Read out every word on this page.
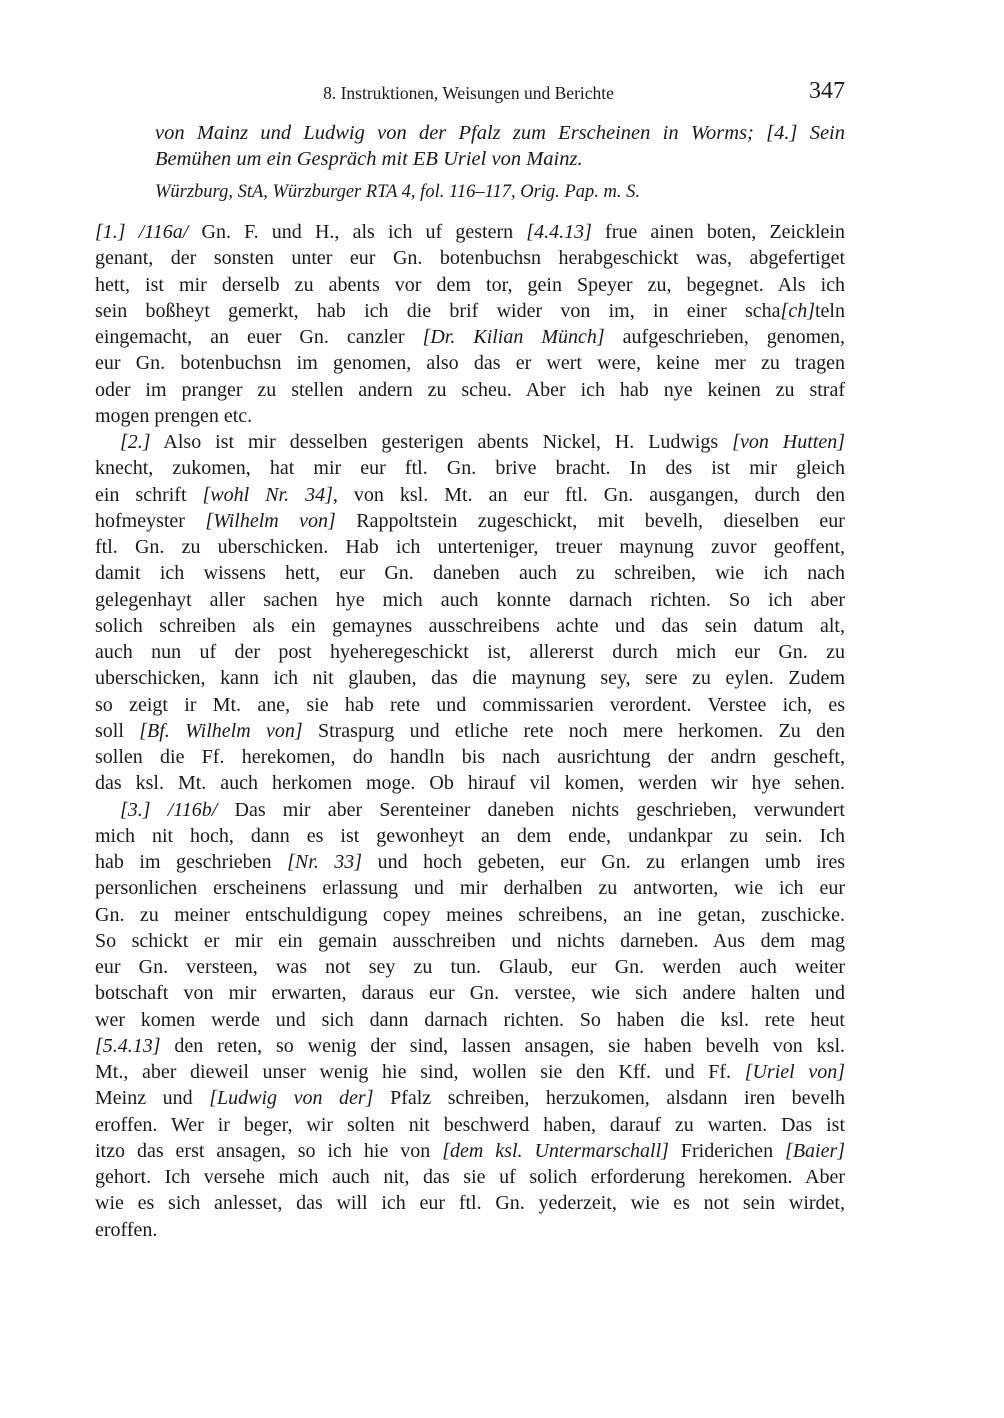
8. Instruktionen, Weisungen und Berichte	347
von Mainz und Ludwig von der Pfalz zum Erscheinen in Worms; [4.] Sein
Bemühen um ein Gespräch mit EB Uriel von Mainz.
Würzburg, StA, Würzburger RTA 4, fol. 116–117, Orig. Pap. m. S.
[1.] /116a/ Gn. F. und H., als ich uf gestern [4.4.13] frue ainen boten, Zeicklein
genant, der sonsten unter eur Gn. botenbuchsn herabgeschickt was, abgefertiget
hett, ist mir derselb zu abents vor dem tor, gein Speyer zu, begegnet. Als ich
sein boßheyt gemerkt, hab ich die brif wider von im, in einer scha[ch]teln
eingemacht, an euer Gn. canzler [Dr. Kilian Münch] aufgeschrieben, genomen,
eur Gn. botenbuchsn im genomen, also das er wert were, keine mer zu tragen
oder im pranger zu stellen andern zu scheu. Aber ich hab nye keinen zu straf
mogen prengen etc.
[2.] Also ist mir desselben gesterigen abents Nickel, H. Ludwigs [von Hutten]
knecht, zukomen, hat mir eur ftl. Gn. brive bracht. In des ist mir gleich
ein schrift [wohl Nr. 34], von ksl. Mt. an eur ftl. Gn. ausgangen, durch den
hofmeyster [Wilhelm von] Rappoltstein zugeschickt, mit bevelh, dieselben eur
ftl. Gn. zu uberschicken. Hab ich unterteniger, treuer maynung zuvor geoffent,
damit ich wissens hett, eur Gn. daneben auch zu schreiben, wie ich nach
gelegenhayt aller sachen hye mich auch konnte darnach richten. So ich aber
solich schreiben als ein gemaynes ausschreibens achte und das sein datum alt,
auch nun uf der post hyeheregeschickt ist, allererst durch mich eur Gn. zu
uberschicken, kann ich nit glauben, das die maynung sey, sere zu eylen. Zudem
so zeigt ir Mt. ane, sie hab rete und commissarien verordent. Verstee ich, es
soll [Bf. Wilhelm von] Straspurg und etliche rete noch mere herkomen. Zu den
sollen die Ff. herekomen, do handln bis nach ausrichtung der andrn gescheft,
das ksl. Mt. auch herkomen moge. Ob hirauf vil komen, werden wir hye sehen.
[3.] /116b/ Das mir aber Serenteiner daneben nichts geschrieben, verwundert
mich nit hoch, dann es ist gewonheyt an dem ende, undankpar zu sein. Ich
hab im geschrieben [Nr. 33] und hoch gebeten, eur Gn. zu erlangen umb ires
personlichen erscheinens erlassung und mir derhalben zu antworten, wie ich eur
Gn. zu meiner entschuldigung copey meines schreibens, an ine getan, zuschicke.
So schickt er mir ein gemain ausschreiben und nichts darneben. Aus dem mag
eur Gn. versteen, was not sey zu tun. Glaub, eur Gn. werden auch weiter
botschaft von mir erwarten, daraus eur Gn. verstee, wie sich andere halten und
wer komen werde und sich dann darnach richten. So haben die ksl. rete heut
[5.4.13] den reten, so wenig der sind, lassen ansagen, sie haben bevelh von ksl.
Mt., aber dieweil unser wenig hie sind, wollen sie den Kff. und Ff. [Uriel von]
Meinz und [Ludwig von der] Pfalz schreiben, herzukomen, alsdann iren bevelh
eroffen. Wer ir beger, wir solten nit beschwerd haben, darauf zu warten. Das ist
itzo das erst ansagen, so ich hie von [dem ksl. Untermarschall] Friderichen [Baier]
gehort. Ich versehe mich auch nit, das sie uf solich erforderung herekomen. Aber
wie es sich anlesset, das will ich eur ftl. Gn. yederzeit, wie es not sein wirdet,
eroffen.
